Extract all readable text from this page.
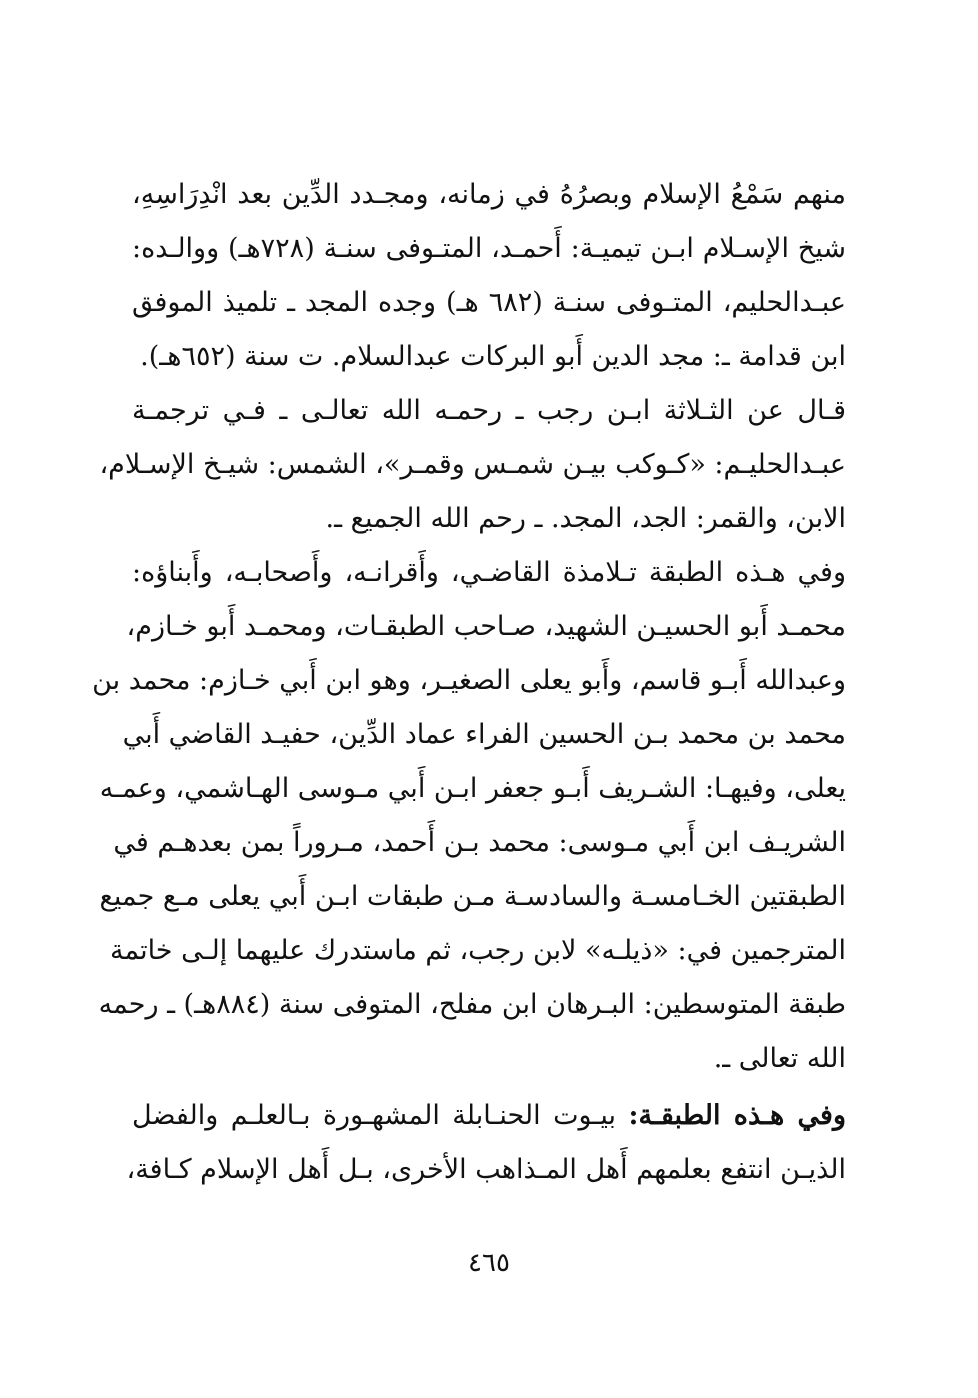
منهم سَمْعُ الإسلام وبصرُهُ في زمانه، ومجـدد الدِّين بعد انْدِرَاسِهِ،
شيخ الإسـلام ابـن تيميـة: أَحمـد، المتـوفى سنـة (٧٢٨هـ) ووالـده:
عبـدالحليم، المتـوفى سنـة (٦٨٢ هـ) وجده المجد ـ تلميذ الموفق
ابن قدامة ـ: مجد الدين أَبو البركات عبدالسلام. ت سنة (٦٥٢هـ).
قـال عن الثـلاثة ابـن رجب ـ رحمـه الله تعالـى ـ فـي ترجمـة
عبـدالحليـم: «كـوكب بيـن شمـس وقمـر»، الشمس: شيـخ الإسـلام،
الابن، والقمر: الجد، المجد. ـ رحم الله الجميع ـ.
وفي هـذه الطبقة تـلامذة القاضـي، وأَقرانـه، وأَصحابـه، وأَبناؤه:
محمـد أَبو الحسيـن الشهيد، صـاحب الطبقـات، ومحمـد أَبو خـازم،
وعبدالله أَبـو قاسم، وأَبو يعلى الصغيـر، وهو ابن أَبي خـازم: محمد بن
محمد بن محمد بـن الحسين الفراء عماد الدِّين، حفيـد القاضي أَبي
يعلى، وفيهـا: الشـريف أَبـو جعفر ابـن أَبي مـوسى الهـاشمي، وعمـه
الشريـف ابن أَبي مـوسى: محمد بـن أَحمد، مـروراً بمن بعدهـم في
الطبقتين الخـامسـة والسادسـة مـن طبقات ابـن أَبي يعلى مـع جميع
المترجمين في: «ذيلـه» لابن رجب، ثم ماستدرك عليهما إلـى خاتمة
طبقة المتوسطين: البـرهان ابن مفلح، المتوفى سنة (٨٨٤هـ) ـ رحمه
الله تعالى ـ.
وفي هـذه الطبقـة: بيـوت الحنـابلة المشهـورة بـالعلـم والفضل
الذيـن انتفع بعلمهم أَهل المـذاهب الأخرى، بـل أَهل الإسلام كـافة،
٤٦٥
